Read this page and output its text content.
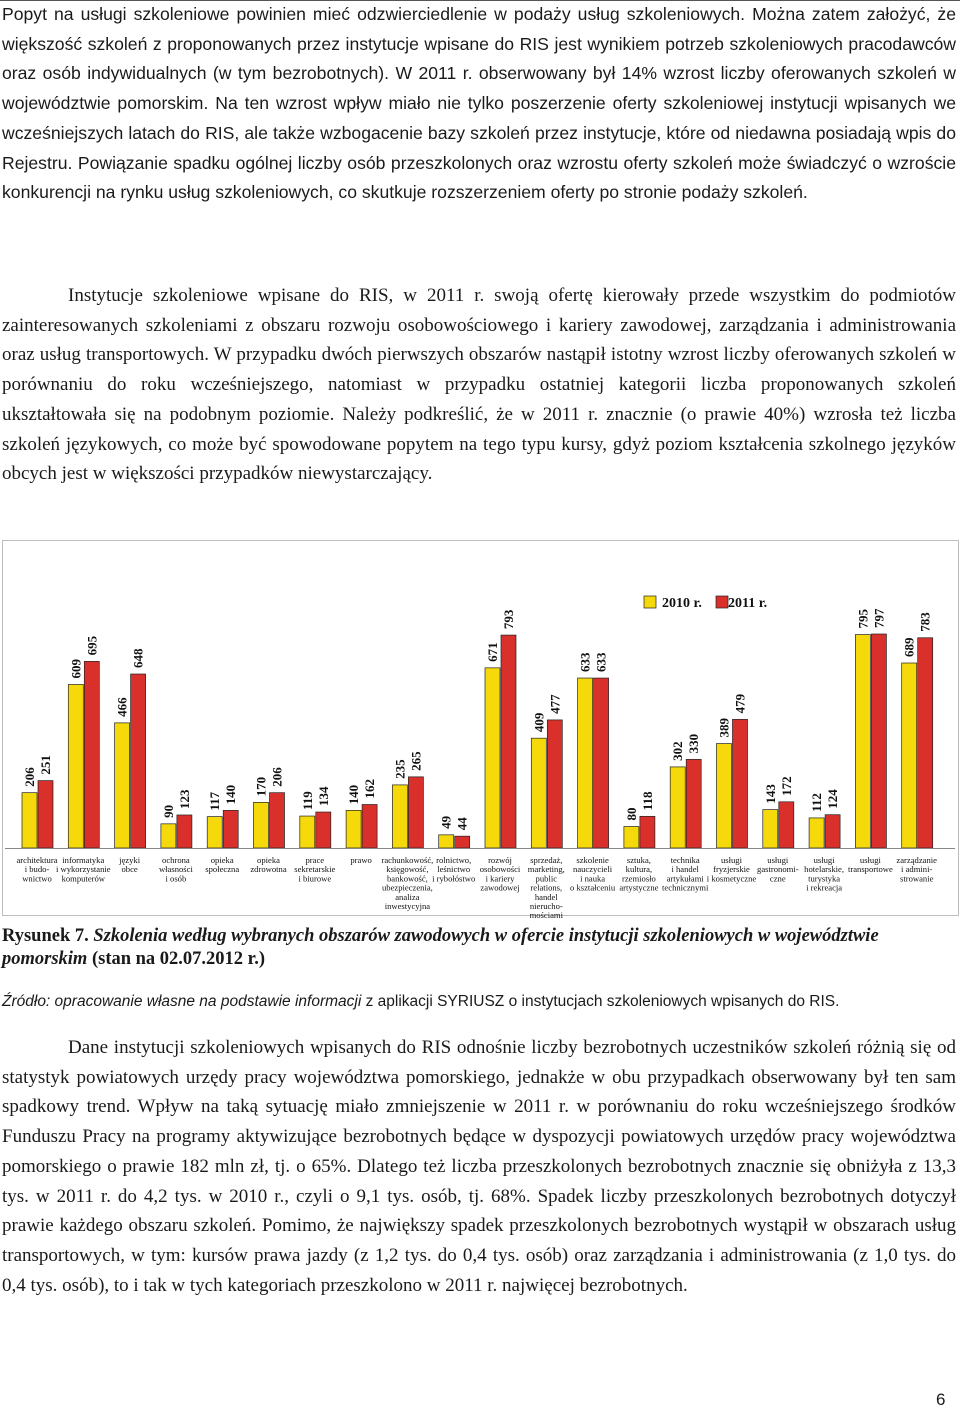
Popyt na usługi szkoleniowe powinien mieć odzwierciedlenie w podaży usług szkoleniowych. Można zatem założyć, że większość szkoleń z proponowanych przez instytucje wpisane do RIS jest wynikiem potrzeb szkoleniowych pracodawców oraz osób indywidualnych (w tym bezrobotnych). W 2011 r. obserwowany był 14% wzrost liczby oferowanych szkoleń w województwie pomorskim. Na ten wzrost wpływ miało nie tylko poszerzenie oferty szkoleniowej instytucji wpisanych we wcześniejszych latach do RIS, ale także wzbogacenie bazy szkoleń przez instytucje, które od niedawna posiadają wpis do Rejestru. Powiązanie spadku ogólnej liczby osób przeszkolonych oraz wzrostu oferty szkoleń może świadczyć o wzroście konkurencji na rynku usług szkoleniowych, co skutkuje rozszerzeniem oferty po stronie podaży szkoleń.

Instytucje szkoleniowe wpisane do RIS, w 2011 r. swoją ofertę kierowały przede wszystkim do podmiotów zainteresowanych szkoleniami z obszaru rozwoju osobowościowego i kariery zawodowej, zarządzania i administrowania oraz usług transportowych. W przypadku dwóch pierwszych obszarów nastąpił istotny wzrost liczby oferowanych szkoleń w porównaniu do roku wcześniejszego, natomiast w przypadku ostatniej kategorii liczba proponowanych szkoleń ukształtowała się na podobnym poziomie. Należy podkreślić, że w 2011 r. znacznie (o prawie 40%) wzrosła też liczba szkoleń językowych, co może być spowodowane popytem na tego typu kursy, gdyż poziom kształcenia szkolnego języków obcych jest w większości przypadków niewystarczający.

206
251
architektura i budo-wnictwo
609
695
informatyka i wykorzystanie komputerów
466
648
języki obce
90
123
ochrona własności i osób
117 140
opieka społeczna
170 206
opieka zdrowotna
119 134
prace sekretarskie i biurowe
140 162
prawo
235 265
rachunkowość, księgowość, bankowość, ubezpieczenia, analiza inwestycyjna
49 44
rolnictwo, leśnictwo i rybołóstwo
671
793
rozwój osobowości i kariery zawodowej
409
477
sprzedaż, marketing, public relations, handel nierucho-mościami
633 633
szkolenie nauczycieli i nauka o kształceniu
80
118
sztuka, kultura, rzemiosło artystyczne
302 330
technika i handel artykułami technicznymi
389
479
usługi fryzjerskie i kosmetyczne
143 172
usługi gastronomi-czne
112 124
usługi hotelarskie, turystyka i rekreacja
795 797
usługi transportowe
689
783
zarządzanie i admini-strowanie
2010 r. 2011 r.

Rysunek 7. Szkolenia według wybranych obszarów zawodowych w ofercie instytucji szkoleniowych w województwie pomorskim (stan na 02.07.2012 r.)

Źródło: opracowanie własne na podstawie informacji z aplikacji SYRIUSZ o instytucjach szkoleniowych wpisanych do RIS.

Dane instytucji szkoleniowych wpisanych do RIS odnośnie liczby bezrobotnych uczestników szkoleń różnią się od statystyk powiatowych urzędy pracy województwa pomorskiego, jednakże w obu przypadkach obserwowany był ten sam spadkowy trend. Wpływ na taką sytuację miało zmniejszenie w 2011 r. w porównaniu do roku wcześniejszego środków Funduszu Pracy na programy aktywizujące bezrobotnych będące w dyspozycji powiatowych urzędów pracy województwa pomorskiego o prawie 182 mln zł, tj. o 65%. Dlatego też liczba przeszkolonych bezrobotnych znacznie się obniżyła z 13,3 tys. w 2011 r. do 4,2 tys. w 2010 r., czyli o 9,1 tys. osób, tj. 68%. Spadek liczby przeszkolonych bezrobotnych dotyczył prawie każdego obszaru szkoleń. Pomimo, że największy spadek przeszkolonych bezrobotnych wystąpił w obszarach usług transportowych, w tym: kursów prawa jazdy (z 1,2 tys. do 0,4 tys. osób) oraz zarządzania i administrowania (z 1,0 tys. do 0,4 tys. osób), to i tak w tych kategoriach przeszkolono w 2011 r. najwięcej bezrobotnych.

6
